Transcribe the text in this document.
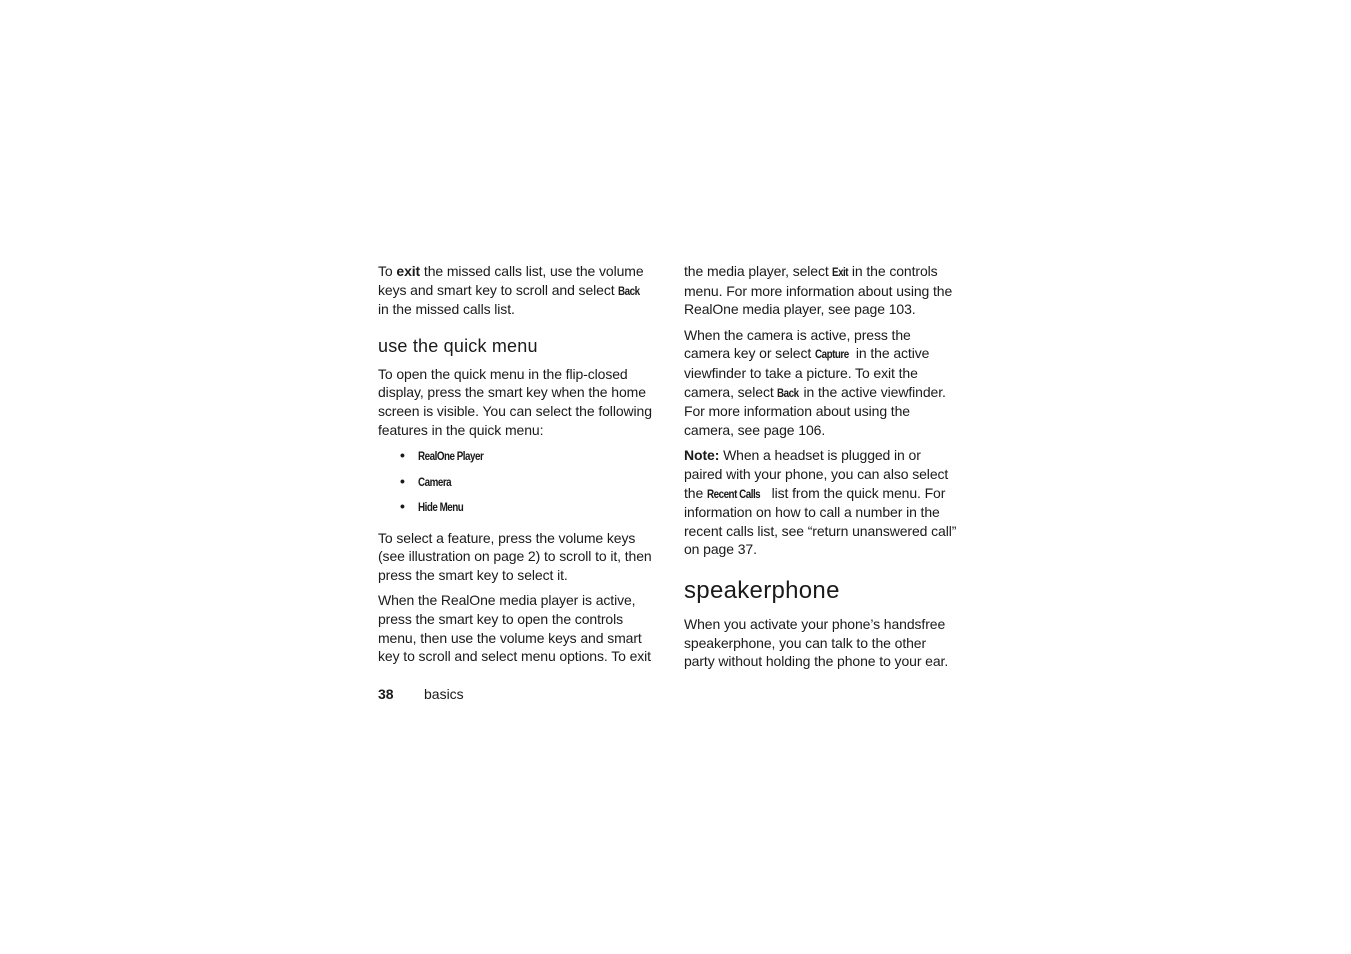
To exit the missed calls list, use the volume keys and smart key to scroll and select Back in the missed calls list.

use the quick menu

To open the quick menu in the flip-closed display, press the smart key when the home screen is visible. You can select the following features in the quick menu:

• RealOne Player
• Camera
• Hide Menu

To select a feature, press the volume keys (see illustration on page 2) to scroll to it, then press the smart key to select it.

When the RealOne media player is active, press the smart key to open the controls menu, then use the volume keys and smart key to scroll and select menu options. To exit

the media player, select Exit in the controls menu. For more information about using the RealOne media player, see page 103.

When the camera is active, press the camera key or select Capture in the active viewfinder to take a picture. To exit the camera, select Back in the active viewfinder. For more information about using the camera, see page 106.

Note: When a headset is plugged in or paired with your phone, you can also select the Recent Calls list from the quick menu. For information on how to call a number in the recent calls list, see “return unanswered call” on page 37.

speakerphone

When you activate your phone’s handsfree speakerphone, you can talk to the other party without holding the phone to your ear.

38 basics
